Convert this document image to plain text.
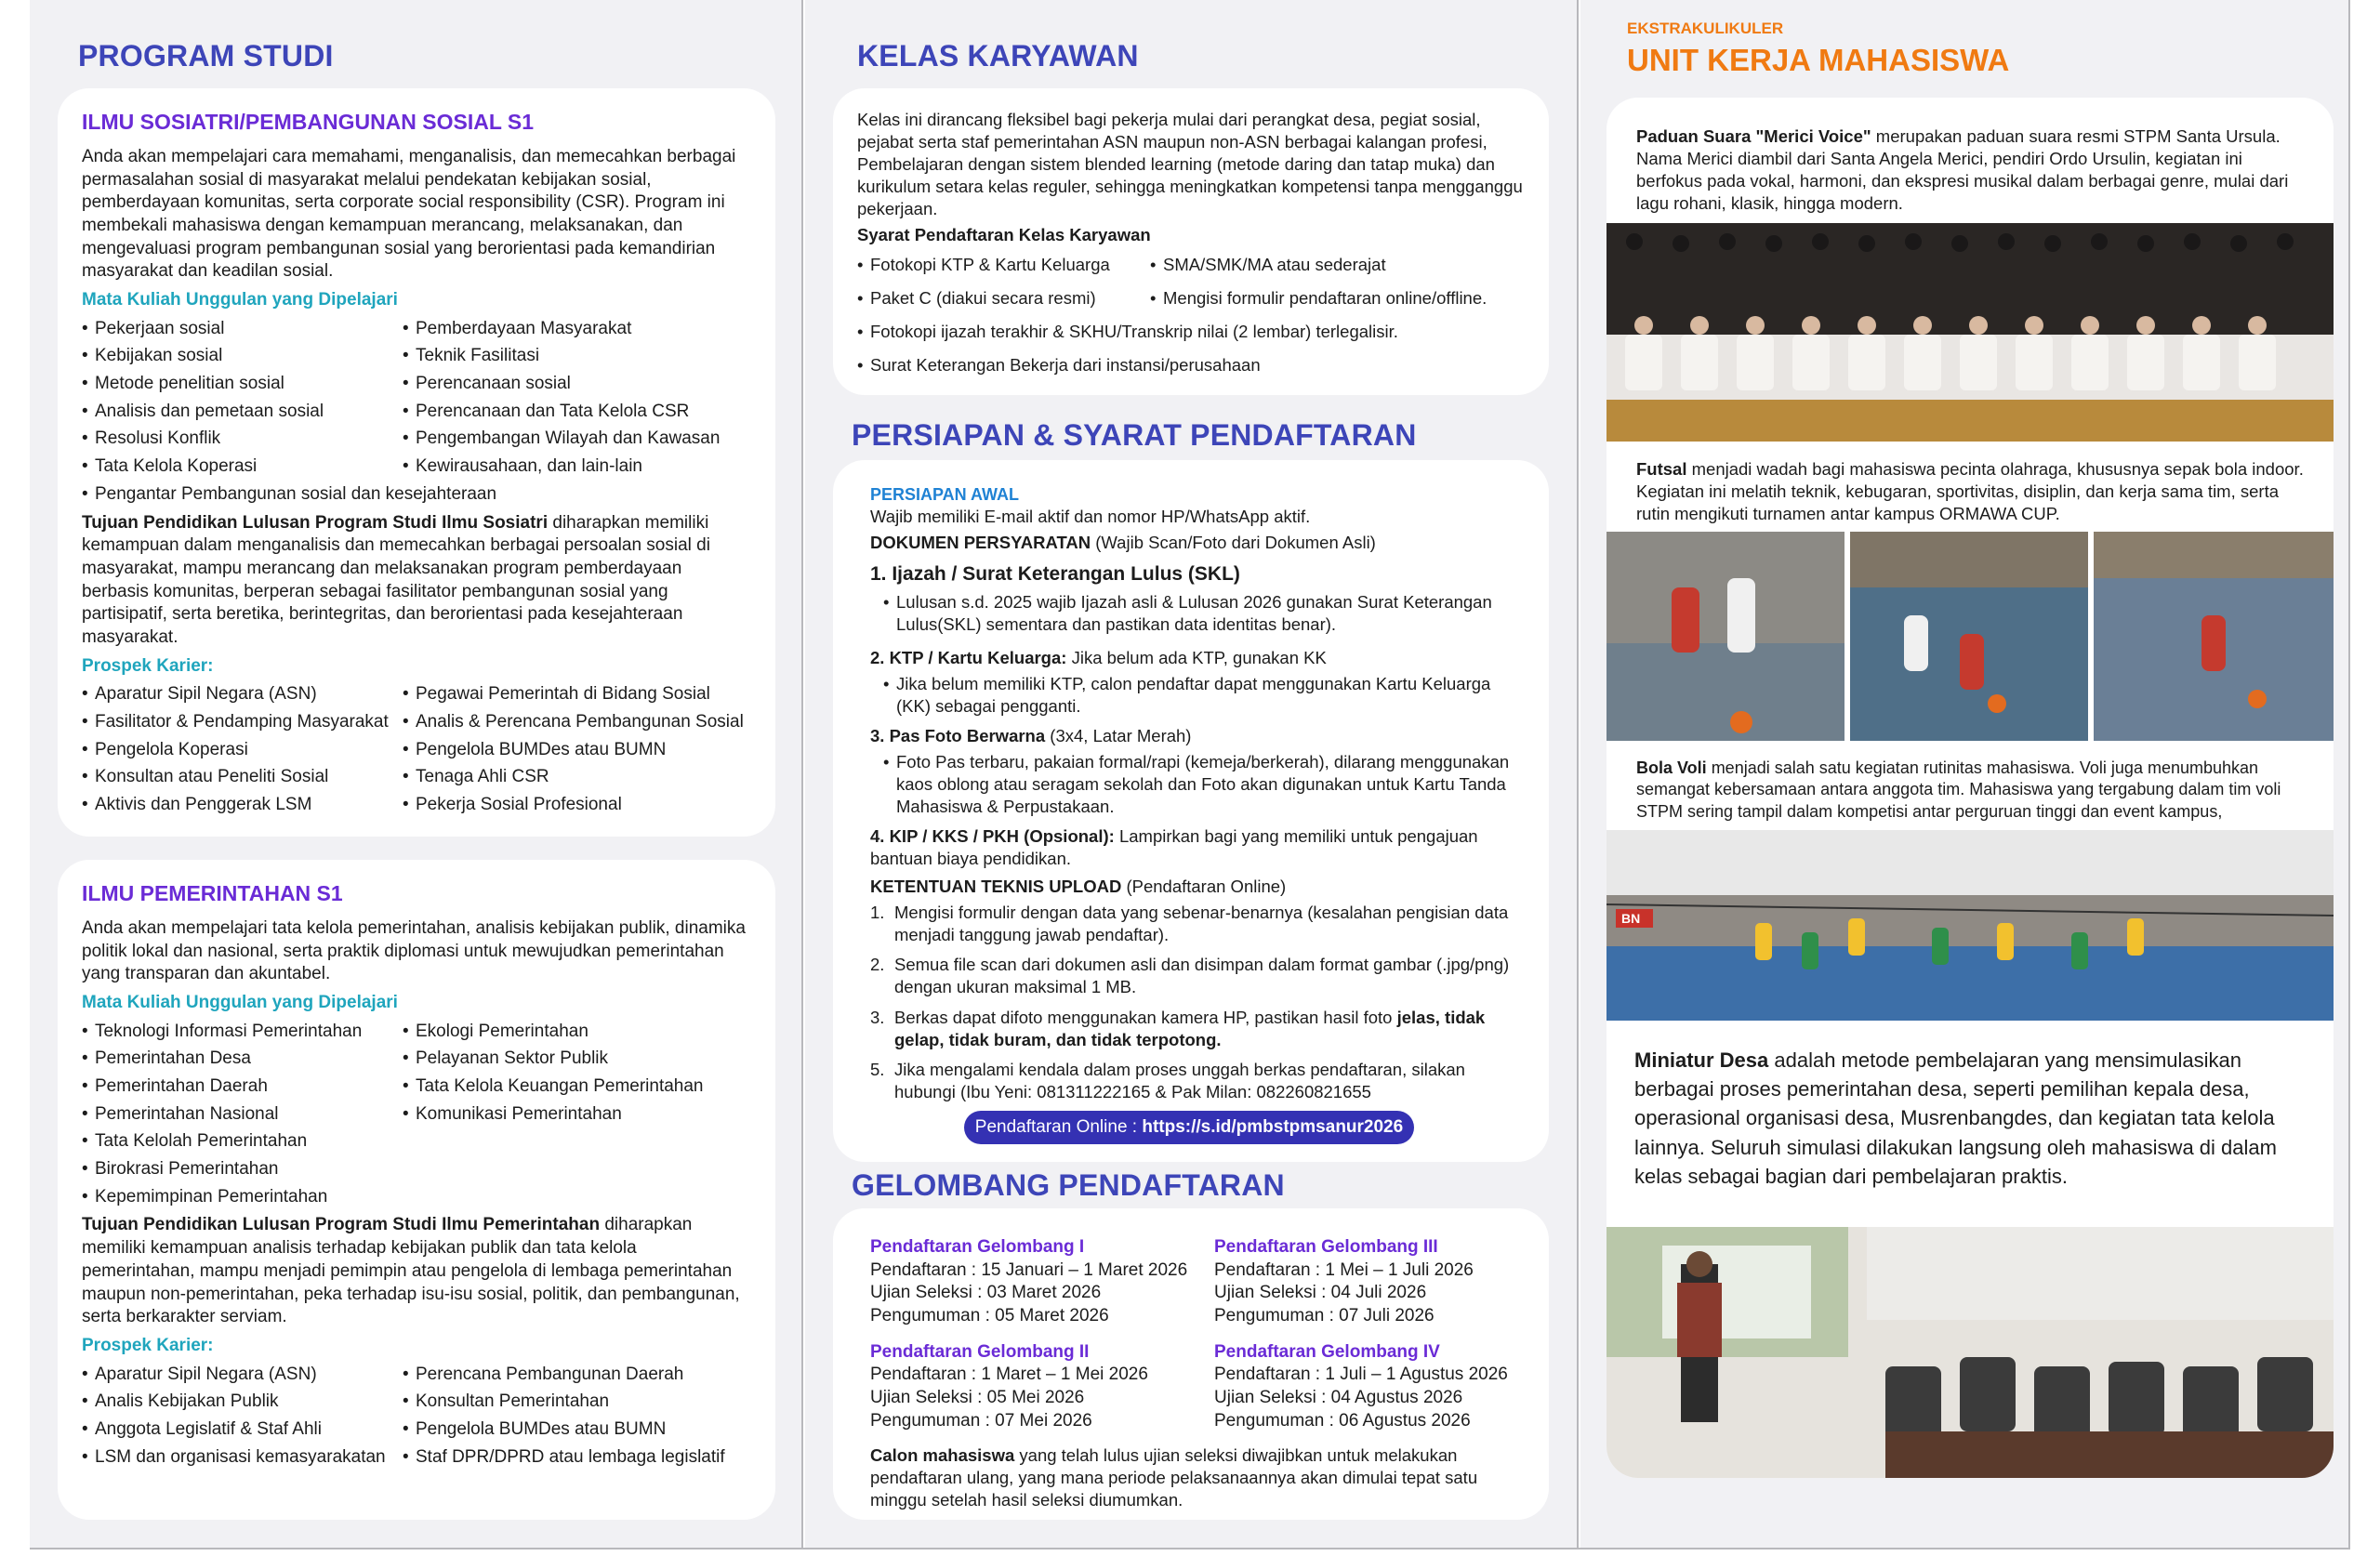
PROGRAM STUDI
ILMU SOSIATRI/PEMBANGUNAN SOSIAL S1

Anda akan mempelajari cara memahami, menganalisis, dan memecahkan berbagai permasalahan sosial di masyarakat melalui pendekatan kebijakan sosial, pemberdayaan komunitas, serta corporate social responsibility (CSR). Program ini membekali mahasiswa dengan kemampuan merancang, melaksanakan, dan mengevaluasi program pembangunan sosial yang berorientasi pada kemandirian masyarakat dan keadilan sosial.

Mata Kuliah Unggulan yang Dipelajari
• Pekerjaan sosial	• Pemberdayaan Masyarakat
• Kebijakan sosial	• Teknik Fasilitasi
• Metode penelitian sosial	• Perencanaan sosial
• Analisis dan pemetaan sosial	• Perencanaan dan Tata Kelola CSR
• Resolusi Konflik	• Pengembangan Wilayah dan Kawasan
• Tata Kelola Koperasi	• Kewirausahaan, dan lain-lain
• Pengantar Pembangunan sosial dan kesejahteraan

Tujuan Pendidikan Lulusan Program Studi Ilmu Sosiatri diharapkan memiliki kemampuan dalam menganalisis dan memecahkan berbagai persoalan sosial di masyarakat, mampu merancang dan melaksanakan program pemberdayaan berbasis komunitas, berperan sebagai fasilitator pembangunan sosial yang partisipatif, serta beretika, berintegritas, dan berorientasi pada kesejahteraan masyarakat.

Prospek Karier:
• Aparatur Sipil Negara (ASN)	• Pegawai Pemerintah di Bidang Sosial
• Fasilitator & Pendamping Masyarakat	• Analis & Perencana Pembangunan Sosial
• Pengelola Koperasi	• Pengelola BUMDes atau BUMN
• Konsultan atau Peneliti Sosial	• Tenaga Ahli CSR
• Aktivis dan Penggerak LSM	• Pekerja Sosial Profesional
ILMU PEMERINTAHAN S1

Anda akan mempelajari tata kelola pemerintahan, analisis kebijakan publik, dinamika politik lokal dan nasional, serta praktik diplomasi untuk mewujudkan pemerintahan yang transparan dan akuntabel.

Mata Kuliah Unggulan yang Dipelajari
• Teknologi Informasi Pemerintahan	• Ekologi Pemerintahan
• Pemerintahan Desa	• Pelayanan Sektor Publik
• Pemerintahan Daerah	• Tata Kelola Keuangan Pemerintahan
• Pemerintahan Nasional	• Komunikasi Pemerintahan
• Tata Kelolah Pemerintahan
• Birokrasi Pemerintahan
• Kepemimpinan Pemerintahan

Tujuan Pendidikan Lulusan Program Studi Ilmu Pemerintahan diharapkan memiliki kemampuan analisis terhadap kebijakan publik dan tata kelola pemerintahan, mampu menjadi pemimpin atau pengelola di lembaga pemerintahan maupun non-pemerintahan, peka terhadap isu-isu sosial, politik, dan pembangunan, serta berkarakter serviam.

Prospek Karier:
• Aparatur Sipil Negara (ASN)	• Perencana Pembangunan Daerah
• Analis Kebijakan Publik	• Konsultan Pemerintahan
• Anggota Legislatif & Staf Ahli	• Pengelola BUMDes atau BUMN
• LSM dan organisasi kemasyarakatan	• Staf DPR/DPRD atau lembaga legislatif
KELAS KARYAWAN

Kelas ini dirancang fleksibel bagi pekerja mulai dari perangkat desa, pegiat sosial, pejabat serta staf pemerintahan ASN maupun non-ASN berbagai kalangan profesi, Pembelajaran dengan sistem blended learning (metode daring dan tatap muka) dan kurikulum setara kelas reguler, sehingga meningkatkan kompetensi tanpa mengganggu pekerjaan.

Syarat Pendaftaran Kelas Karyawan
• Fotokopi KTP & Kartu Keluarga	• SMA/SMK/MA atau sederajat
• Paket C (diakui secara resmi)	• Mengisi formulir pendaftaran online/offline.
• Fotokopi ijazah terakhir & SKHU/Transkrip nilai (2 lembar) terlegalisir.
• Surat Keterangan Bekerja dari instansi/perusahaan
PERSIAPAN & SYARAT PENDAFTARAN
PERSIAPAN AWAL

Wajib memiliki E-mail aktif dan nomor HP/WhatsApp aktif.

DOKUMEN PERSYARATAN (Wajib Scan/Foto dari Dokumen Asli)

1. Ijazah / Surat Keterangan Lulus (SKL)
• Lulusan s.d. 2025 wajib Ijazah asli & Lulusan 2026 gunakan Surat Keterangan Lulus(SKL) sementara dan pastikan data identitas benar).
2. KTP / Kartu Keluarga: Jika belum ada KTP, gunakan KK
• Jika belum memiliki KTP, calon pendaftar dapat menggunakan Kartu Keluarga (KK) sebagai pengganti.
3. Pas Foto Berwarna (3x4, Latar Merah)
• Foto Pas terbaru, pakaian formal/rapi (kemeja/berkerah), dilarang menggunakan kaos oblong atau seragam sekolah dan Foto akan digunakan untuk Kartu Tanda Mahasiswa & Perpustakaan.
4. KIP / KKS / PKH (Opsional): Lampirkan bagi yang memiliki untuk pengajuan bantuan biaya pendidikan.

KETENTUAN TEKNIS UPLOAD (Pendaftaran Online)

1. Mengisi formulir dengan data yang sebenar-benarnya (kesalahan pengisian data menjadi tanggung jawab pendaftar).
2. Semua file scan dari dokumen asli dan disimpan dalam format gambar (.jpg/png) dengan ukuran maksimal 1 MB.
3. Berkas dapat difoto menggunakan kamera HP, pastikan hasil foto jelas, tidak gelap, tidak buram, dan tidak terpotong.
5. Jika mengalami kendala dalam proses unggah berkas pendaftaran, silakan hubungi (Ibu Yeni: 081311222165 & Pak Milan: 082260821655
Pendaftaran Online : https://s.id/pmbstpmsanur2026
GELOMBANG PENDAFTARAN
Pendaftaran Gelombang I
Pendaftaran : 15 Januari – 1 Maret 2026
Ujian Seleksi : 03 Maret 2026
Pengumuman : 05 Maret 2026
Pendaftaran Gelombang III
Pendaftaran : 1 Mei – 1 Juli 2026
Ujian Seleksi : 04 Juli 2026
Pengumuman : 07 Juli 2026
Pendaftaran Gelombang II
Pendaftaran : 1 Maret – 1 Mei 2026
Ujian Seleksi : 05 Mei 2026
Pengumuman : 07 Mei 2026
Pendaftaran Gelombang IV
Pendaftaran : 1 Juli – 1 Agustus 2026
Ujian Seleksi : 04 Agustus 2026
Pengumuman : 06 Agustus 2026

Calon mahasiswa yang telah lulus ujian seleksi diwajibkan untuk melakukan pendaftaran ulang, yang mana periode pelaksanaannya akan dimulai tepat satu minggu setelah hasil seleksi diumumkan.

EKSTRAKULIKULER
UNIT KERJA MAHASISWA

Paduan Suara "Merici Voice" merupakan paduan suara resmi STPM Santa Ursula. Nama Merici diambil dari Santa Angela Merici, pendiri Ordo Ursulin, kegiatan ini berfokus pada vokal, harmoni, dan ekspresi musikal dalam berbagai genre, mulai dari lagu rohani, klasik, hingga modern.

Futsal menjadi wadah bagi mahasiswa pecinta olahraga, khususnya sepak bola indoor. Kegiatan ini melatih teknik, kebugaran, sportivitas, disiplin, dan kerja sama tim, serta rutin mengikuti turnamen antar kampus ORMAWA CUP.

Bola Voli menjadi salah satu kegiatan rutinitas mahasiswa. Voli juga menumbuhkan semangat kebersamaan antara anggota tim. Mahasiswa yang tergabung dalam tim voli STPM sering tampil dalam kompetisi antar perguruan tinggi dan event kampus,

BN

Miniatur Desa adalah metode pembelajaran yang mensimulasikan berbagai proses pemerintahan desa, seperti pemilihan kepala desa, operasional organisasi desa, Musrenbangdes, dan kegiatan tata kelola lainnya. Seluruh simulasi dilakukan langsung oleh mahasiswa di dalam kelas sebagai bagian dari pembelajaran praktis.
